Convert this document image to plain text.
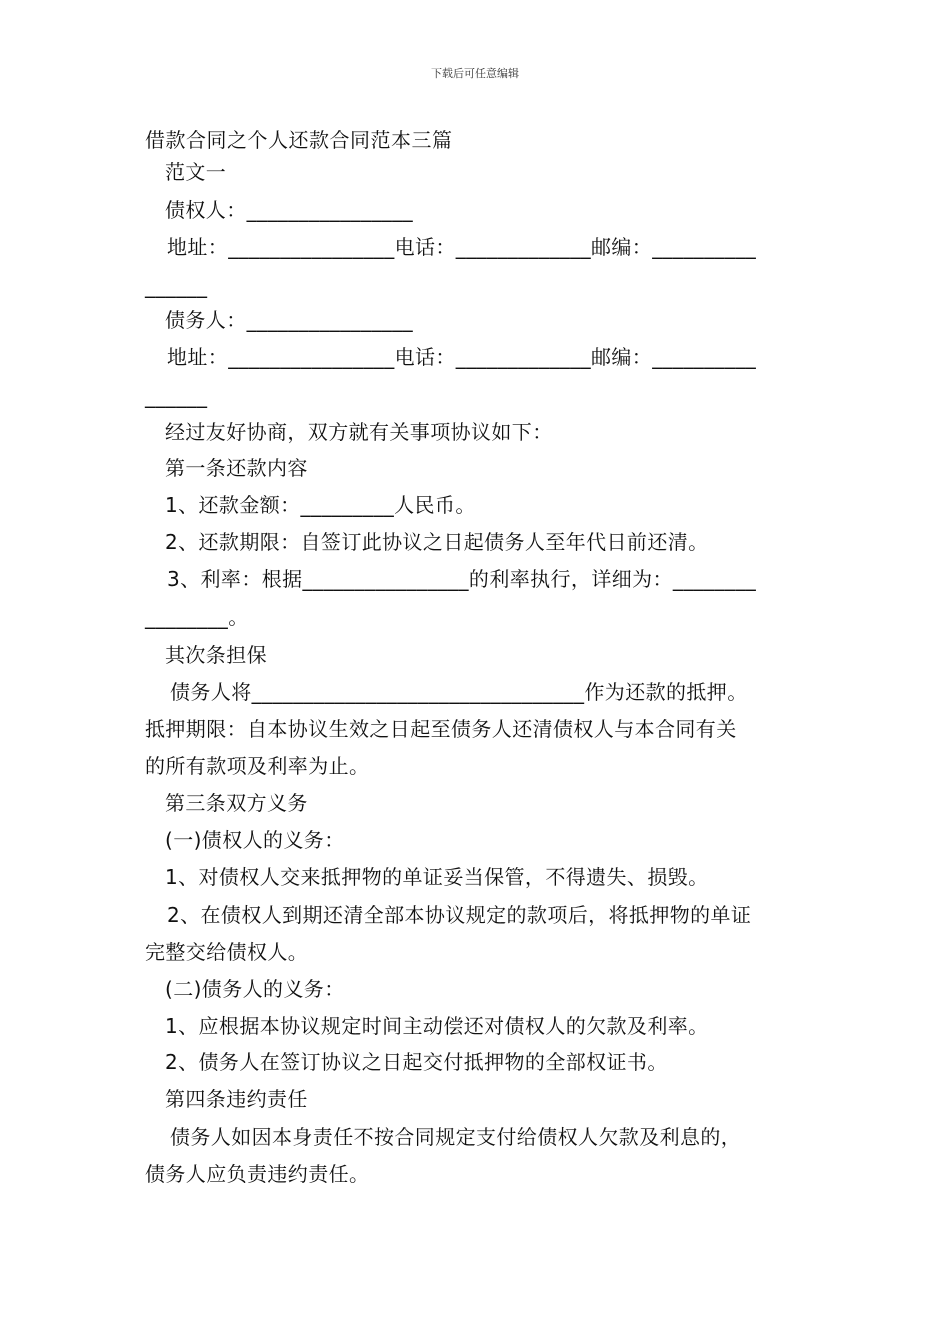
下载后可任意编辑
借款合同之个人还款合同范本三篇
范文一
债权人：________________
地址：________________电话：_____________邮编：__________
______
债务人：________________
地址：________________电话：_____________邮编：__________
______
经过友好协商，双方就有关事项协议如下：
第一条还款内容
1、还款金额：_________人民币。
2、还款期限：自签订此协议之日起债务人至年代日前还清。
3、利率：根据________________的利率执行，详细为：________
________。
其次条担保
债务人将________________________________作为还款的抵押。
抵押期限：自本协议生效之日起至债务人还清债权人与本合同有关
的所有款项及利率为止。
第三条双方义务
(一)债权人的义务：
1、对债权人交来抵押物的单证妥当保管，不得遗失、损毁。
2、在债权人到期还清全部本协议规定的款项后，将抵押物的单证
完整交给债权人。
(二)债务人的义务：
1、应根据本协议规定时间主动偿还对债权人的欠款及利率。
2、债务人在签订协议之日起交付抵押物的全部权证书。
第四条违约责任
债务人如因本身责任不按合同规定支付给债权人欠款及利息的，
债务人应负责违约责任。
